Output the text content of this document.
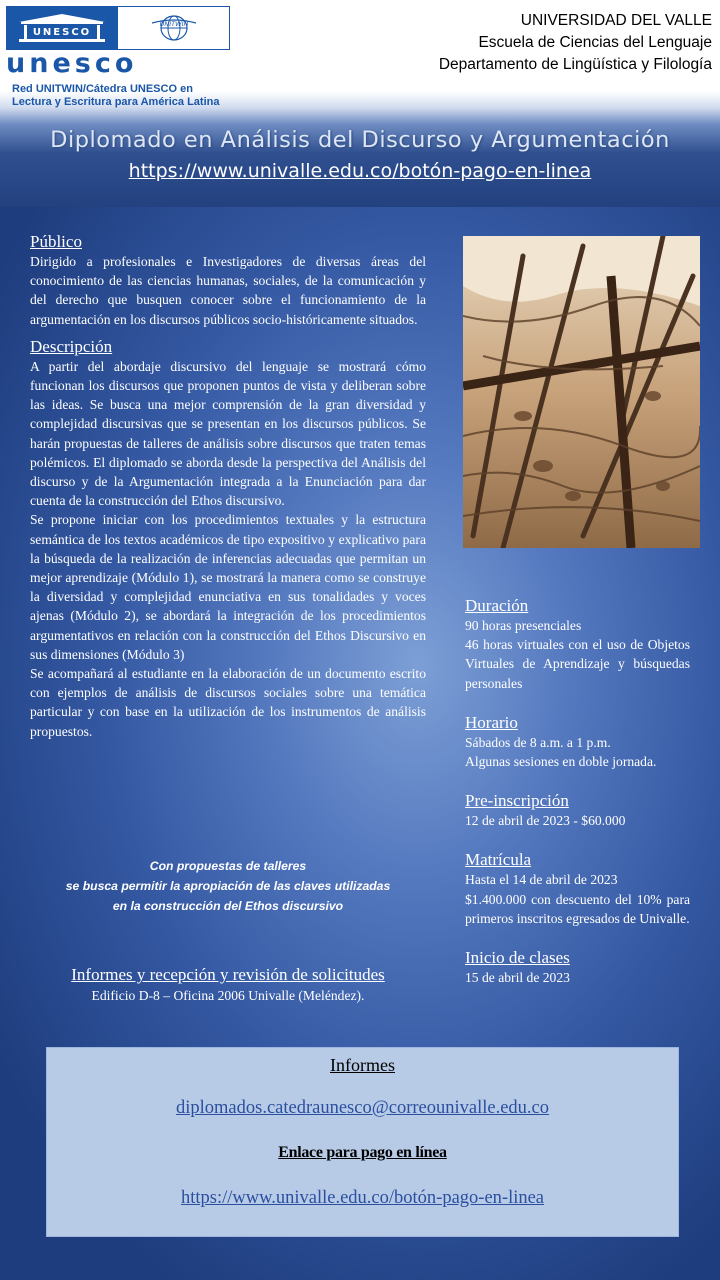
UNESCO
UNITWIN
unesco
Red UNITWIN/Cátedra UNESCO en
Lectura y Escritura para América Latina
UNIVERSIDAD DEL VALLE
Escuela de Ciencias del Lenguaje
Departamento de Lingüística y Filología
Diplomado en Análisis del Discurso y Argumentación
https://www.univalle.edu.co/botón-pago-en-linea
Público
Dirigido a profesionales e Investigadores de diversas áreas del conocimiento de las ciencias humanas, sociales, de la comunicación y del derecho que busquen conocer sobre el funcionamiento de la argumentación en los discursos públicos socio-históricamente situados.
Descripción
A partir del abordaje discursivo del lenguaje se mostrará cómo funcionan los discursos que proponen puntos de vista y deliberan sobre las ideas. Se busca una mejor comprensión de la gran diversidad y complejidad discursivas que se presentan en los discursos públicos. Se harán propuestas de talleres de análisis sobre discursos que traten temas polémicos. El diplomado se aborda desde la perspectiva del Análisis del discurso y de la Argumentación integrada a la Enunciación para dar cuenta de la construcción del Ethos discursivo.
Se propone iniciar con los procedimientos textuales y la estructura semántica de los textos académicos de tipo expositivo y explicativo para la búsqueda de la realización de inferencias adecuadas que permitan un mejor aprendizaje (Módulo 1), se mostrará la manera como se construye la diversidad y complejidad enunciativa en sus tonalidades y voces ajenas (Módulo 2), se abordará la integración de los procedimientos argumentativos en relación con la construcción del Ethos Discursivo en sus dimensiones (Módulo 3)
Se acompañará al estudiante en la elaboración de un documento escrito con ejemplos de análisis de discursos sociales sobre una temática particular y con base en la utilización de los instrumentos de análisis propuestos.
Con propuestas de talleres
se busca permitir la apropiación de las claves utilizadas
en la construcción del Ethos discursivo
Informes y recepción y revisión de solicitudes
Edificio D-8 – Oficina 2006 Univalle (Meléndez).
Duración
90 horas presenciales
46 horas virtuales con el uso de Objetos Virtuales de Aprendizaje y búsquedas personales
Horario
Sábados de 8 a.m. a 1 p.m.
Algunas sesiones en doble jornada.
Pre-inscripción
12 de abril de 2023 - $60.000
Matrícula
Hasta el 14 de abril de 2023
$1.400.000 con descuento del 10% para primeros inscritos egresados de Univalle.
Inicio de clases
15 de abril de 2023
Informes
diplomados.catedraunesco@correounivalle.edu.co
Enlace para pago en línea
https://www.univalle.edu.co/botón-pago-en-linea
